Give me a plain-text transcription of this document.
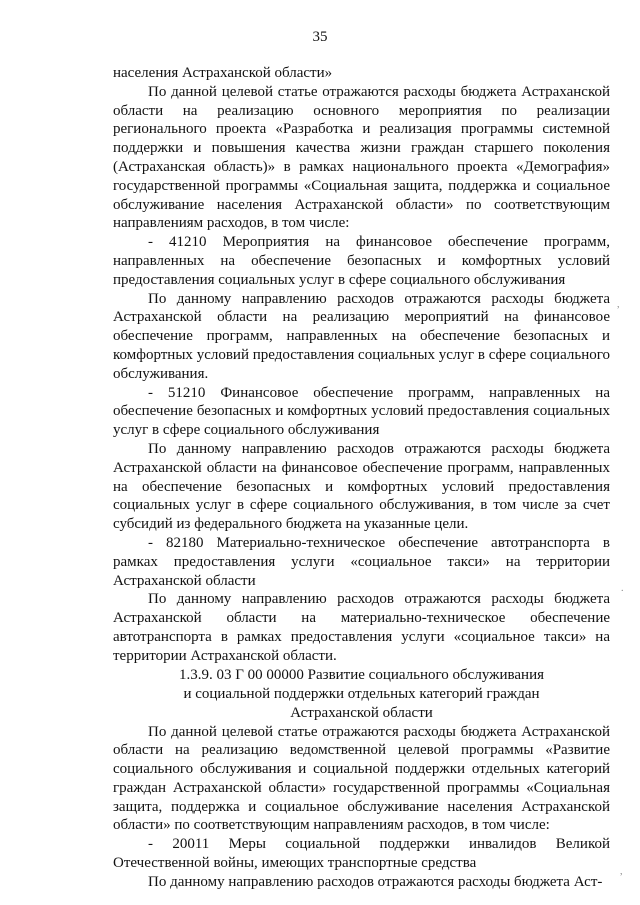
35

населения Астраханской области»

По данной целевой статье отражаются расходы бюджета Астраханской области на реализацию основного мероприятия по реализации регионального проекта «Разработка и реализация программы системной поддержки и повышения качества жизни граждан старшего поколения (Астраханская область)» в рамках национального проекта «Демография» государственной программы «Социальная защита, поддержка и социальное обслуживание населения Астраханской области» по соответствующим направлениям расходов, в том числе:

- 41210 Мероприятия на финансовое обеспечение программ, направленных на обеспечение безопасных и комфортных условий предоставления социальных услуг в сфере социального обслуживания

По данному направлению расходов отражаются расходы бюджета Астраханской области на реализацию мероприятий на финансовое обеспечение программ, направленных на обеспечение безопасных и комфортных условий предоставления социальных услуг в сфере социального обслуживания.

- 51210 Финансовое обеспечение программ, направленных на обеспечение безопасных и комфортных условий предоставления социальных услуг в сфере социального обслуживания

По данному направлению расходов отражаются расходы бюджета Астраханской области на финансовое обеспечение программ, направленных на обеспечение безопасных и комфортных условий предоставления социальных услуг в сфере социального обслуживания, в том числе за счет субсидий из федерального бюджета на указанные цели.

- 82180 Материально-техническое обеспечение автотранспорта в рамках предоставления услуги «социальное такси» на территории Астраханской области

По данному направлению расходов отражаются расходы бюджета Астраханской области на материально-техническое обеспечение автотранспорта в рамках предоставления услуги «социальное такси» на территории Астраханской области.

1.3.9. 03 Г 00 00000 Развитие социального обслуживания
и социальной поддержки отдельных категорий граждан
Астраханской области

По данной целевой статье отражаются расходы бюджета Астраханской области на реализацию ведомственной целевой программы «Развитие социального обслуживания и социальной поддержки отдельных категорий граждан Астраханской области» государственной программы «Социальная защита, поддержка и социальное обслуживание населения Астраханской области» по соответствующим направлениям расходов, в том числе:

- 20011 Меры социальной поддержки инвалидов Великой Отечественной войны, имеющих транспортные средства

По данному направлению расходов отражаются расходы бюджета Аст-

,
.
,
